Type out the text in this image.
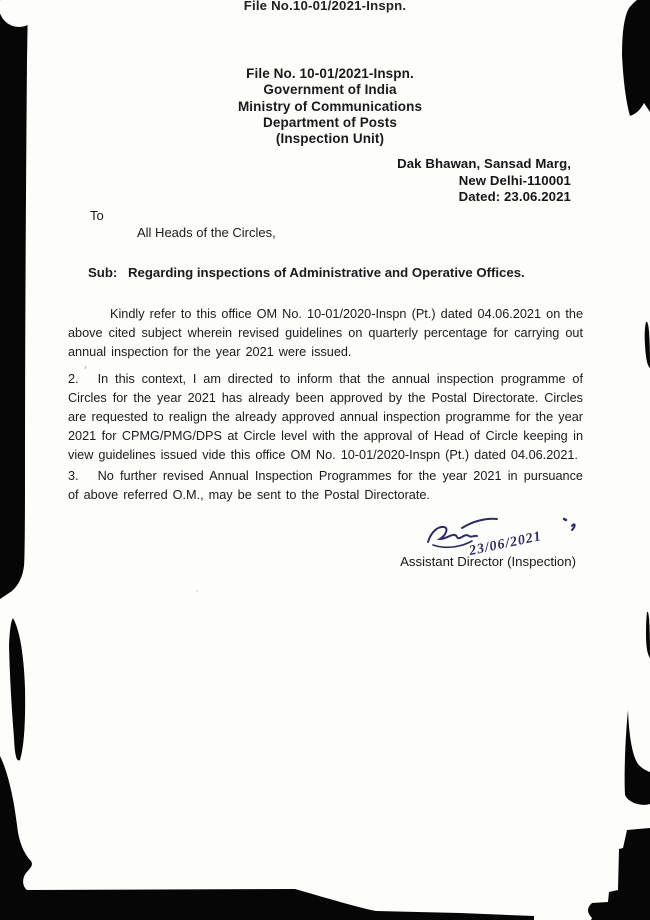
File No.10-01/2021-Inspn.
File No. 10-01/2021-Inspn.
Government of India
Ministry of Communications
Department of Posts
(Inspection Unit)
Dak Bhawan, Sansad Marg,
New Delhi-110001
Dated: 23.06.2021
To
All Heads of the Circles,
Sub: Regarding inspections of Administrative and Operative Offices.
Kindly refer to this office OM No. 10-01/2020-Inspn (Pt.) dated 04.06.2021 on the above cited subject wherein revised guidelines on quarterly percentage for carrying out annual inspection for the year 2021 were issued.
2.  In this context, I am directed to inform that the annual inspection programme of Circles for the year 2021 has already been approved by the Postal Directorate. Circles are requested to realign the already approved annual inspection programme for the year 2021 for CPMG/PMG/DPS at Circle level with the approval of Head of Circle keeping in view guidelines issued vide this office OM No. 10-01/2020-Inspn (Pt.) dated 04.06.2021.
3.  No further revised Annual Inspection Programmes for the year 2021 in pursuance of above referred O.M., may be sent to the Postal Directorate.
23/06/2021
Assistant Director (Inspection)
